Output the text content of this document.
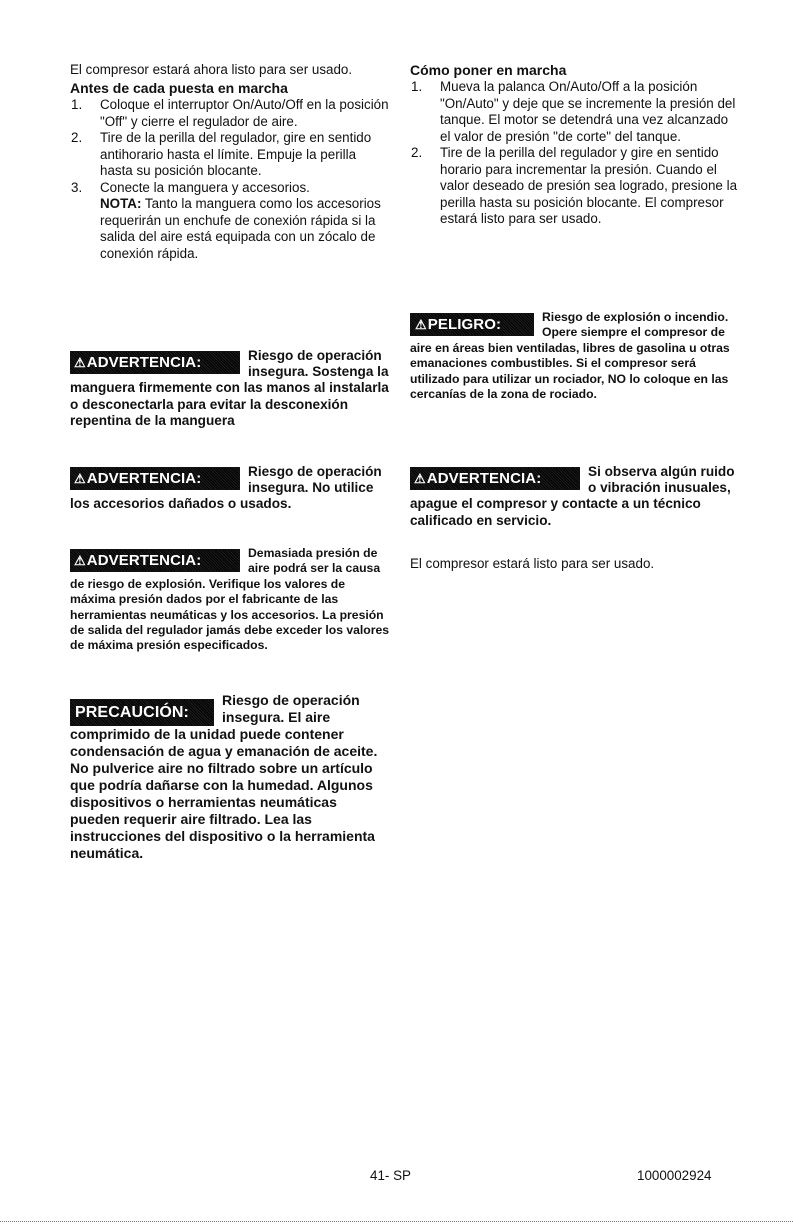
El compresor estará ahora listo para ser usado.
Antes de cada puesta en marcha
1. Coloque el interruptor On/Auto/Off en la posición "Off" y cierre el regulador de aire.
2. Tire de la perilla del regulador, gire en sentido antihorario hasta el límite. Empuje la perilla hasta su posición blocante.
3. Conecte la manguera y accesorios.
NOTA: Tanto la manguera como los accesorios requerirán un enchufe de conexión rápida si la salida del aire está equipada con un zócalo de conexión rápida.
⚠ADVERTENCIA:	Riesgo de operación insegura. Sostenga la manguera firmemente con las manos al instalarla o desconectarla para evitar la desconexión repentina de la manguera
⚠ADVERTENCIA:	Riesgo de operación insegura. No utilice los accesorios dañados o usados.
⚠ADVERTENCIA:	Demasiada presión de aire podrá ser la causa de riesgo de explosión. Verifique los valores de máxima presión dados por el fabricante de las herramientas neumáticas y los accesorios. La presión de salida del regulador jamás debe exceder los valores de máxima presión especificados.
PRECAUCIÓN:
Riesgo de operación insegura. El aire comprimido de la unidad puede contener condensación de agua y emanación de aceite. No pulverice aire no filtrado sobre un artículo que podría dañarse con la humedad. Algunos dispositivos o herramientas neumáticas pueden requerir aire filtrado. Lea las instrucciones del dispositivo o la herramienta neumática.
Cómo poner en marcha
1. Mueva la palanca On/Auto/Off a la posición "On/Auto" y deje que se incremente la presión del tanque. El motor se detendrá una vez alcanzado el valor de presión "de corte" del tanque.
2. Tire de la perilla del regulador y gire en sentido horario para incrementar la presión. Cuando el valor deseado de presión sea logrado, presione la perilla hasta su posición blocante. El compresor estará listo para ser usado.
⚠PELIGRO:	Riesgo de explosión o incendio. Opere siempre el compresor de aire en áreas bien ventiladas, libres de gasolina u otras emanaciones combustibles. Si el compresor será utilizado para utilizar un rociador, NO lo coloque en las cercanías de la zona de rociado.
⚠ADVERTENCIA:	Si observa algún ruido o vibración inusuales, apague el compresor y contacte a un técnico calificado en servicio.
El compresor estará listo para ser usado.
41- SP	1000002924
